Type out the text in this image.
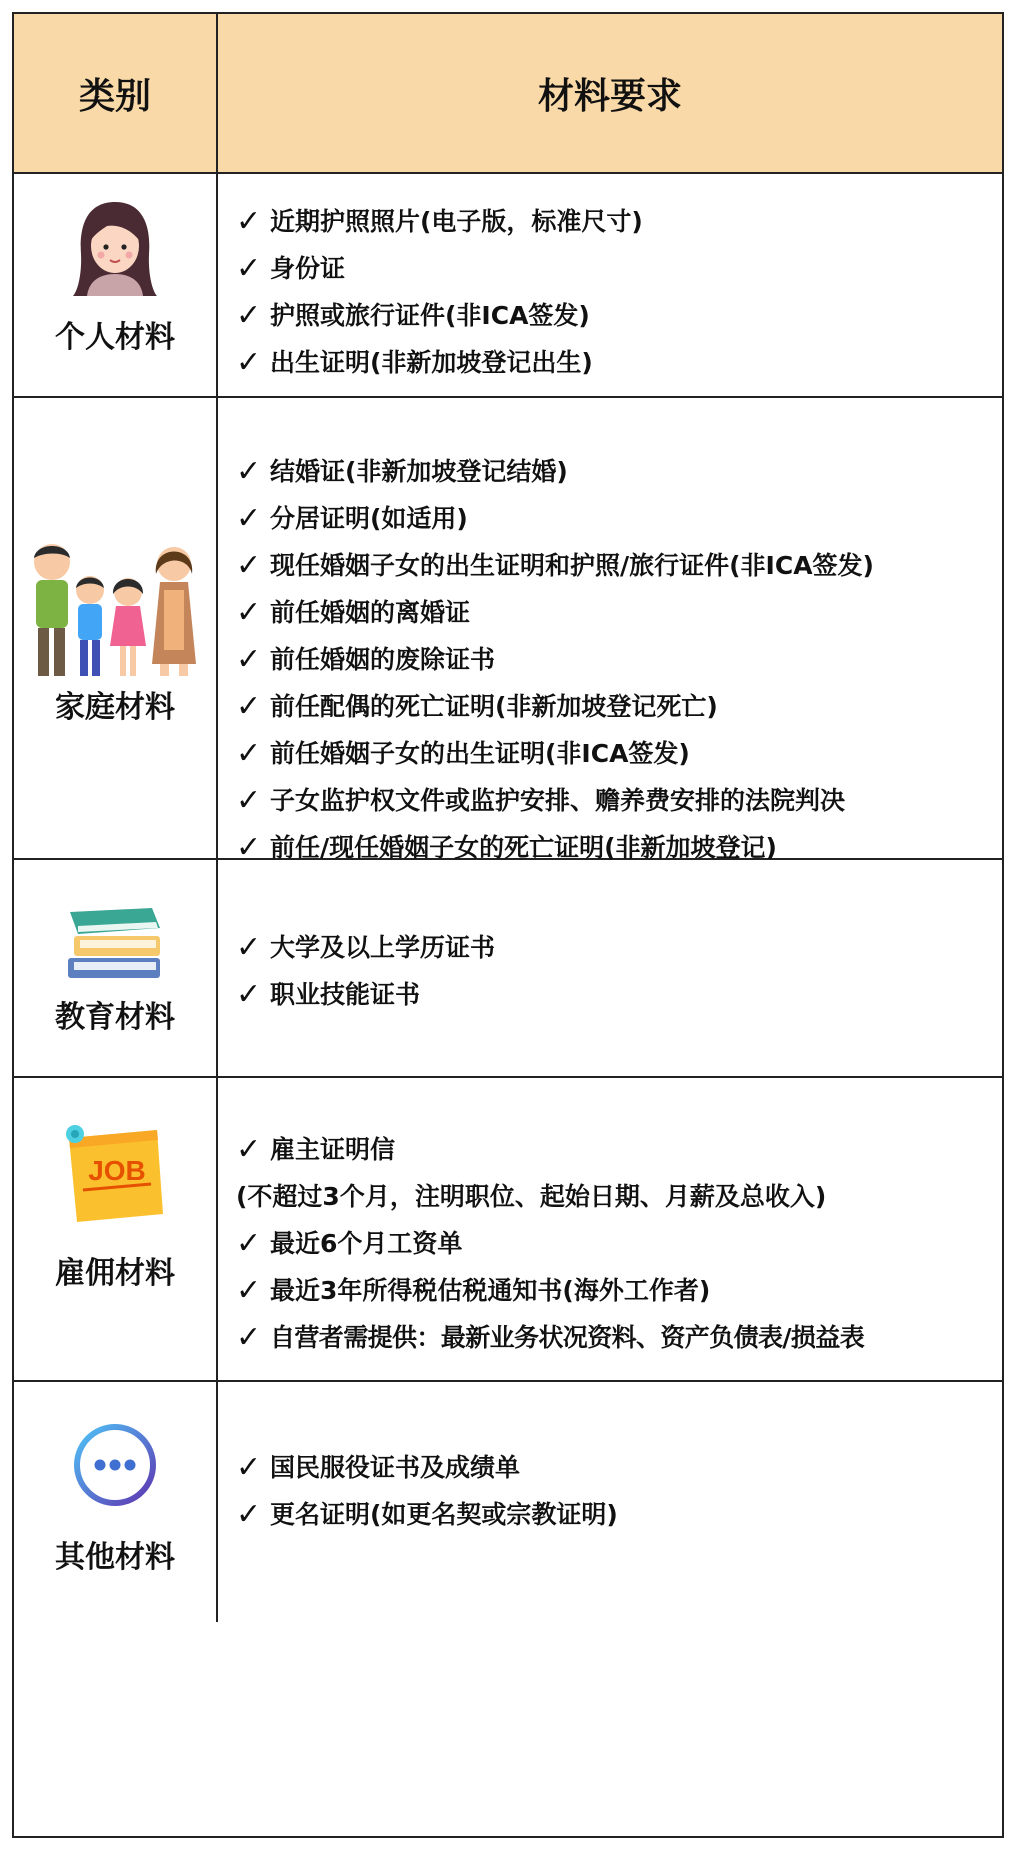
类别	材料要求
个人材料
✓ 近期护照照片(电子版，标准尺寸)
✓ 身份证
✓ 护照或旅行证件(非ICA签发)
✓ 出生证明(非新加坡登记出生)
家庭材料
✓ 结婚证(非新加坡登记结婚)
✓ 分居证明(如适用)
✓ 现任婚姻子女的出生证明和护照/旅行证件(非ICA签发)
✓ 前任婚姻的离婚证
✓ 前任婚姻的废除证书
✓ 前任配偶的死亡证明(非新加坡登记死亡)
✓ 前任婚姻子女的出生证明(非ICA签发)
✓ 子女监护权文件或监护安排、赡养费安排的法院判决
✓ 前任/现任婚姻子女的死亡证明(非新加坡登记)
教育材料
✓ 大学及以上学历证书
✓ 职业技能证书
JOB
雇佣材料
✓ 雇主证明信
(不超过3个月，注明职位、起始日期、月薪及总收入)
✓ 最近6个月工资单
✓ 最近3年所得税估税通知书(海外工作者)
✓ 自营者需提供：最新业务状况资料、资产负债表/损益表
其他材料
✓ 国民服役证书及成绩单
✓ 更名证明(如更名契或宗教证明)
